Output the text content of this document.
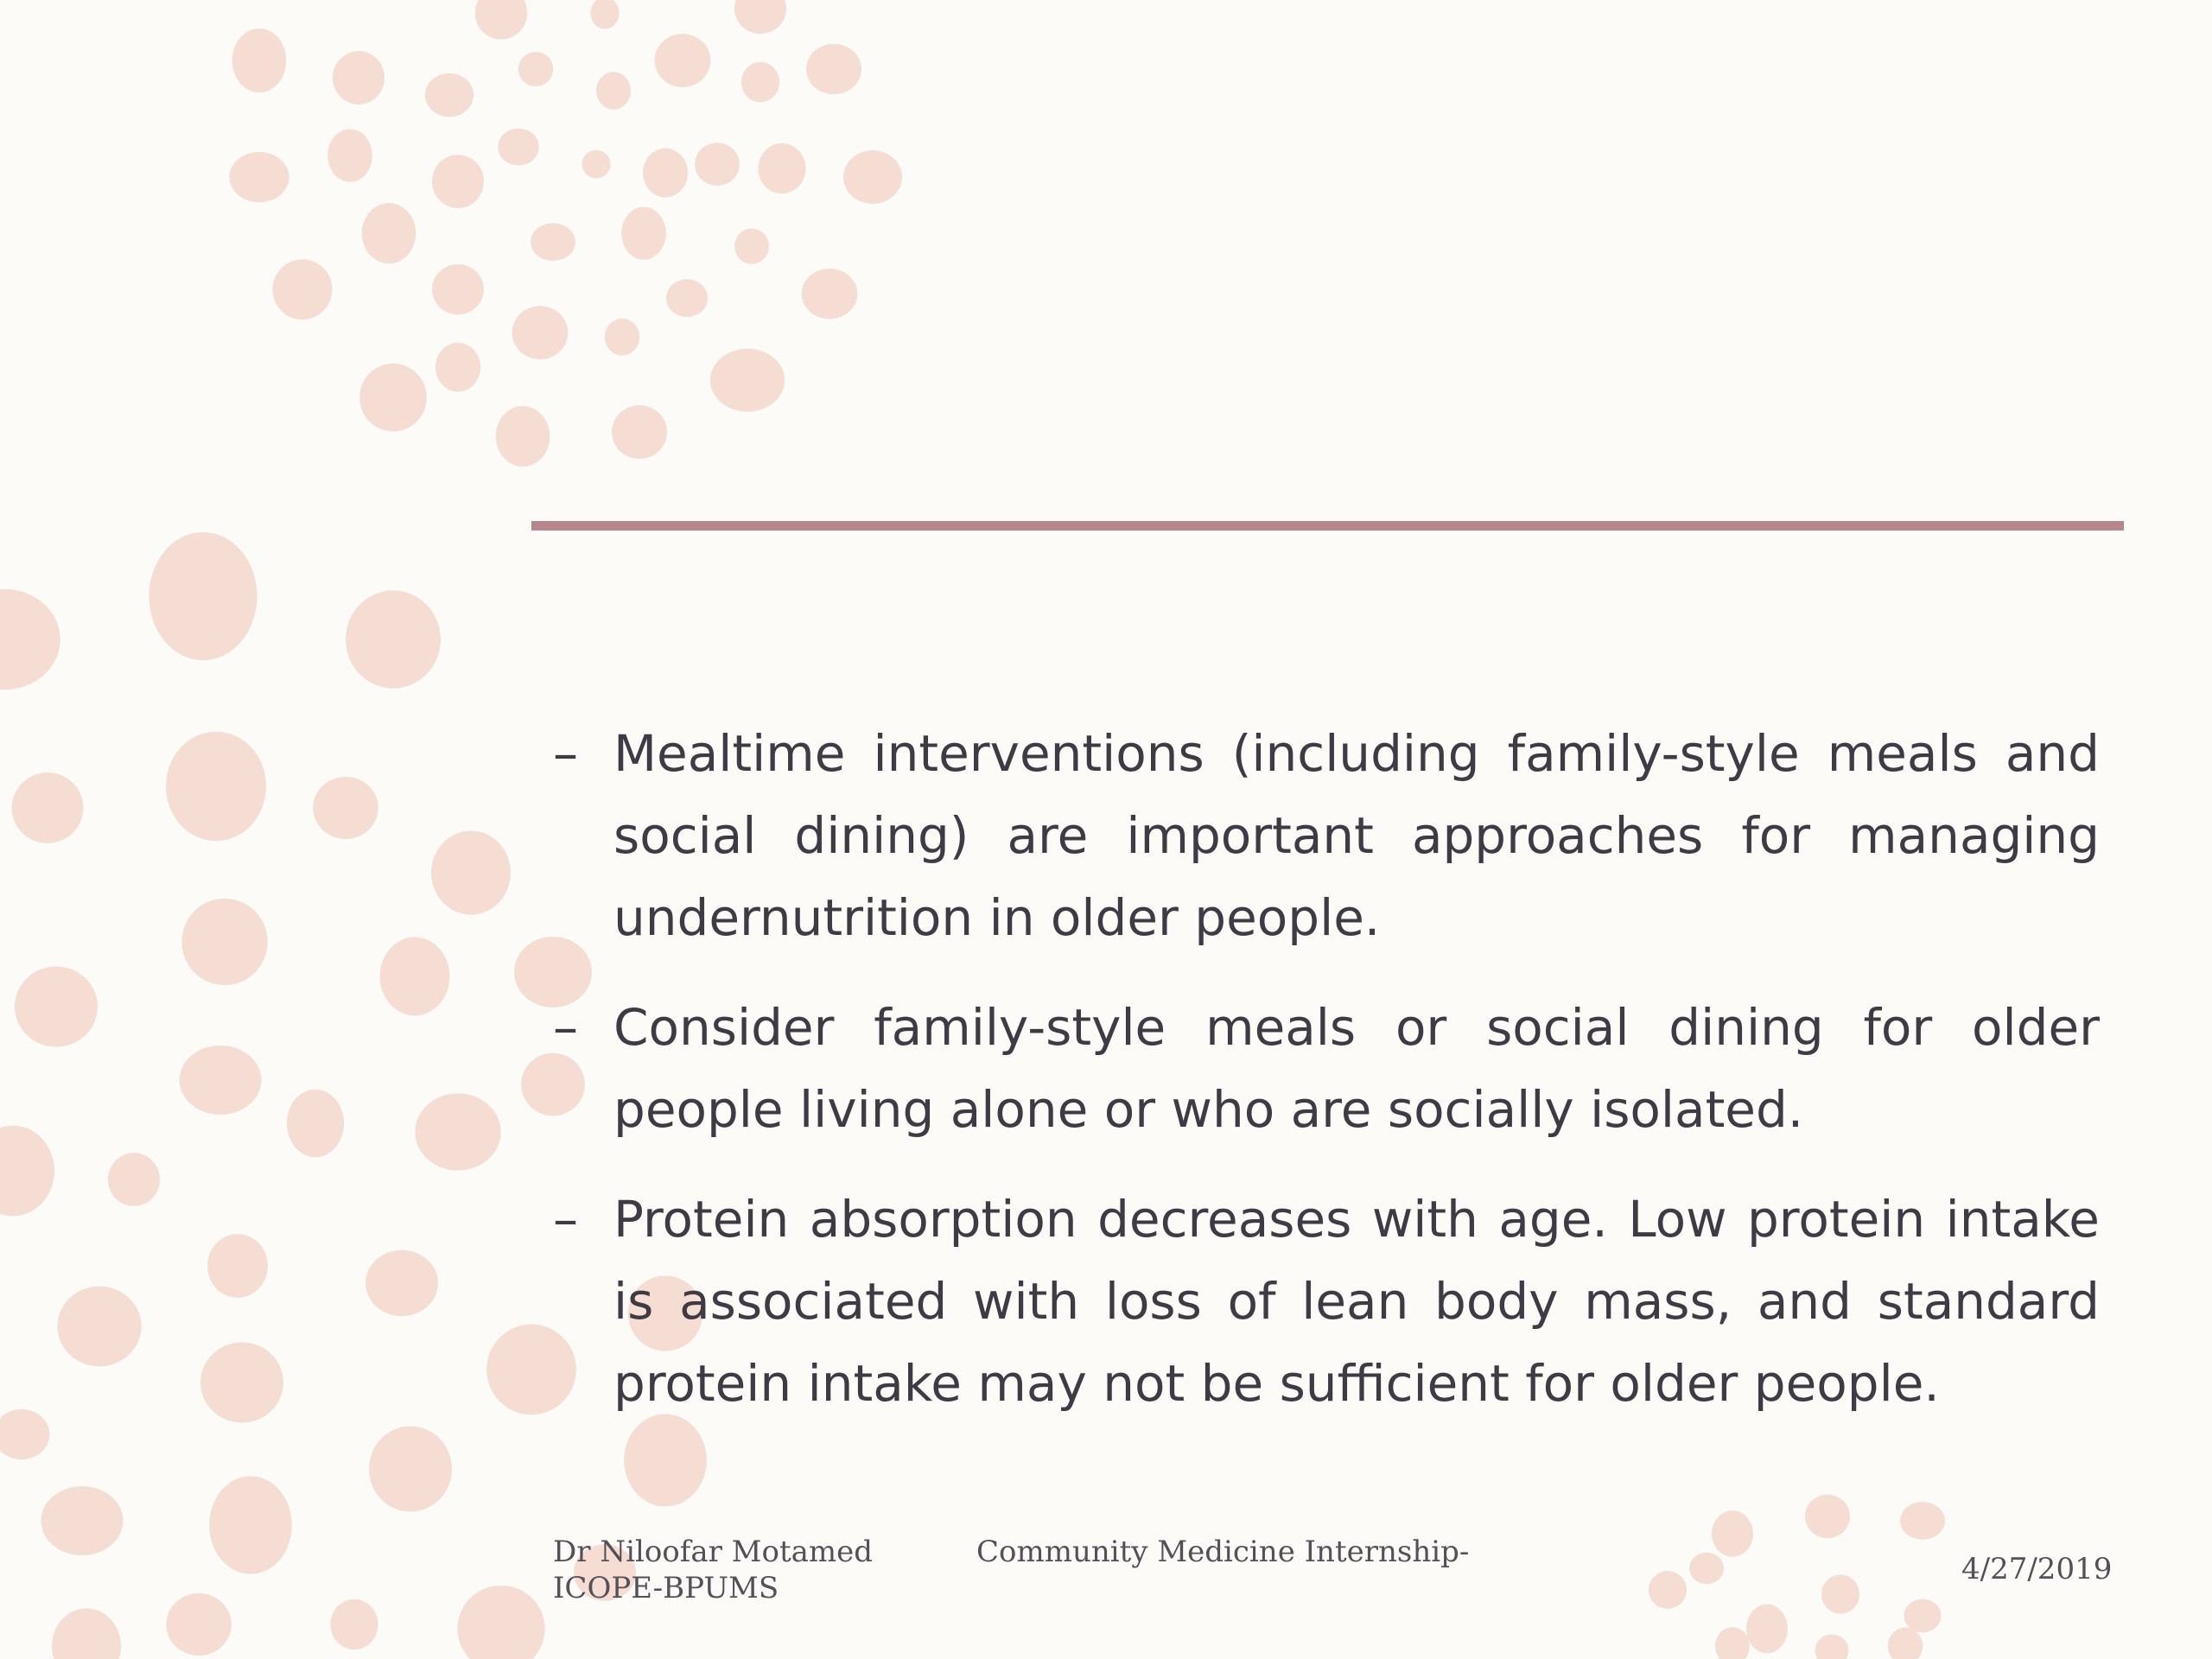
– Mealtime interventions (including family-style meals and social dining) are important approaches for managing undernutrition in older people.
– Consider family-style meals or social dining for older people living alone or who are socially isolated.
– Protein absorption decreases with age. Low protein intake is associated with loss of lean body mass, and standard protein intake may not be sufficient for older people.
Dr Niloofar Motamed
ICOPE-BPUMS
Community Medicine Internship-	4/27/2019
